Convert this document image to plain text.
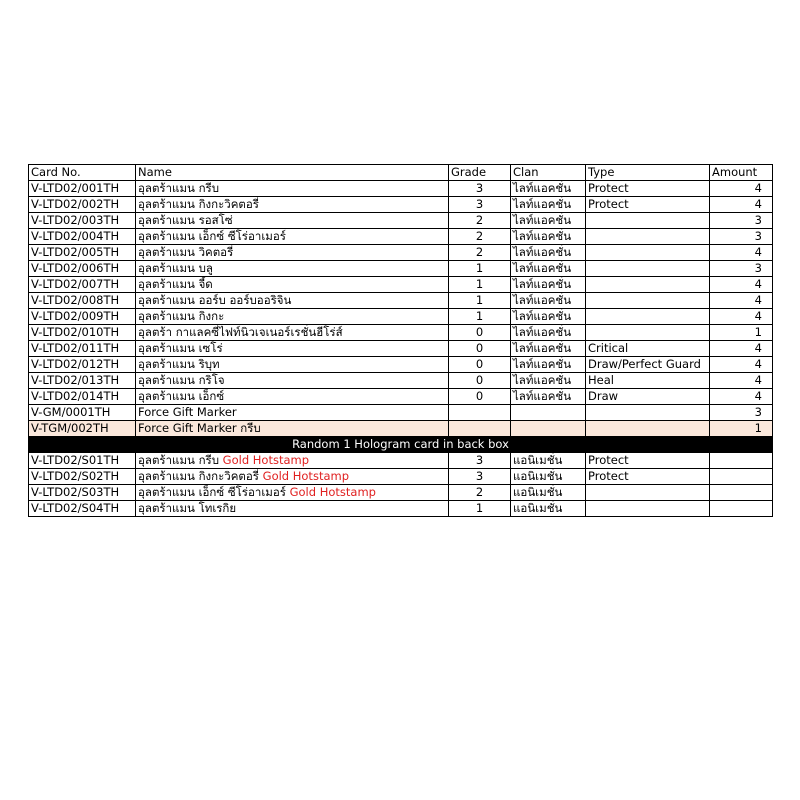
Card No.	Name	Grade	Clan	Type	Amount
V-LTD02/001TH	อุลตร้าแมน กรีบ	3	ไลท์แอคชั่น	Protect	4
V-LTD02/002TH	อุลตร้าแมน กิงกะวิคตอรี่	3	ไลท์แอคชั่น	Protect	4
V-LTD02/003TH	อุลตร้าแมน รอสโซ่	2	ไลท์แอคชั่น		3
V-LTD02/004TH	อุลตร้าแมน เอ็กซ์ ซีโร่อาเมอร์	2	ไลท์แอคชั่น		3
V-LTD02/005TH	อุลตร้าแมน วิคตอรี่	2	ไลท์แอคชั่น		4
V-LTD02/006TH	อุลตร้าแมน บลู	1	ไลท์แอคชั่น		3
V-LTD02/007TH	อุลตร้าแมน จี้ด	1	ไลท์แอคชั่น		4
V-LTD02/008TH	อุลตร้าแมน ออร์บ ออร์บออริจิน	1	ไลท์แอคชั่น		4
V-LTD02/009TH	อุลตร้าแมน กิงกะ	1	ไลท์แอคชั่น		4
V-LTD02/010TH	อุลตร้า กาแลคซี่ไฟท์นิวเจเนอร์เรชั่นฮีโร่ส์	0	ไลท์แอคชั่น		1
V-LTD02/011TH	อุลตร้าแมน เซโร่	0	ไลท์แอคชั่น	Critical	4
V-LTD02/012TH	อุลตร้าแมน ริบุท	0	ไลท์แอคชั่น	Draw/Perfect Guard	4
V-LTD02/013TH	อุลตร้าแมน กริโจ	0	ไลท์แอคชั่น	Heal	4
V-LTD02/014TH	อุลตร้าแมน เอ็กซ์	0	ไลท์แอคชั่น	Draw	4
V-GM/0001TH	Force Gift Marker				3
V-TGM/002TH	Force Gift Marker กรีบ				1
Random 1 Hologram card in back box					
V-LTD02/S01TH	อุลตร้าแมน กรีบ Gold Hotstamp	3	แอนิเมชั่น	Protect	
V-LTD02/S02TH	อุลตร้าแมน กิงกะวิคตอรี่ Gold Hotstamp	3	แอนิเมชั่น	Protect	
V-LTD02/S03TH	อุลตร้าแมน เอ็กซ์ ซีโร่อาเมอร์ Gold Hotstamp	2	แอนิเมชั่น		
V-LTD02/S04TH	อุลตร้าแมน โทเรกิย	1	แอนิเมชั่น		
